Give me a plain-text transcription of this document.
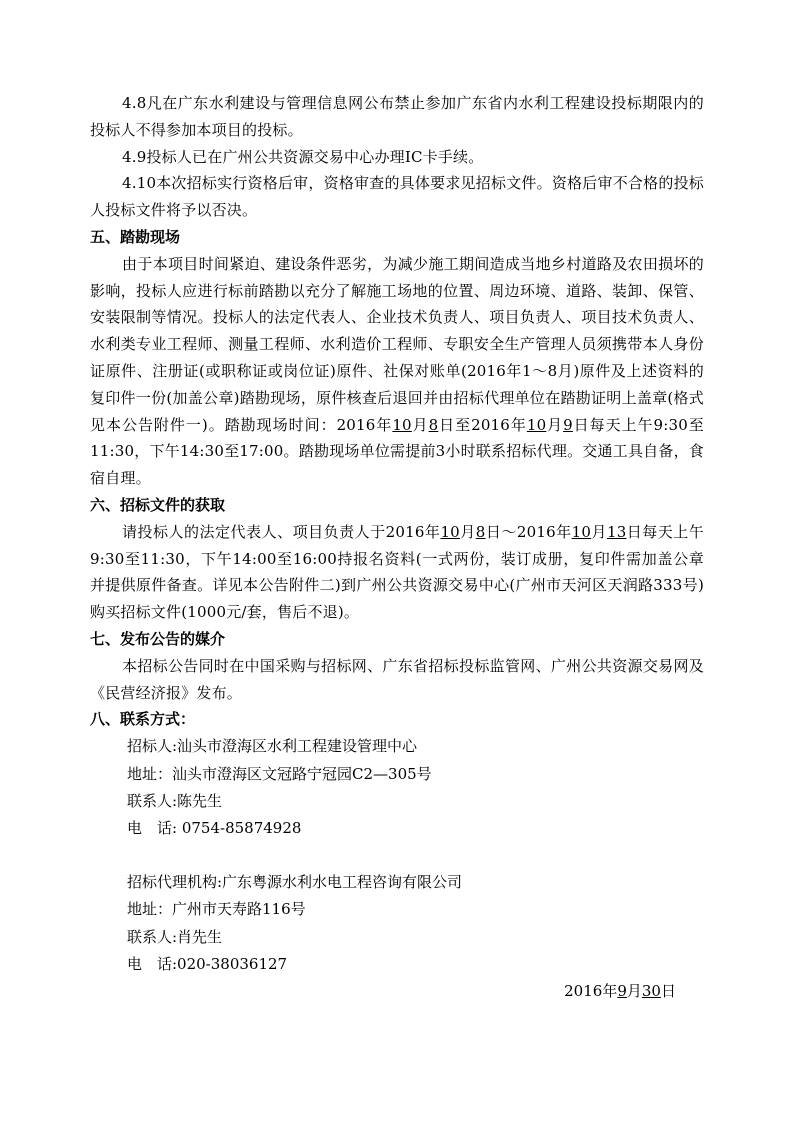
4.8凡在广东水利建设与管理信息网公布禁止参加广东省内水利工程建设投标期限内的投标人不得参加本项目的投标。

4.9投标人已在广州公共资源交易中心办理IC卡手续。

4.10本次招标实行资格后审，资格审查的具体要求见招标文件。资格后审不合格的投标人投标文件将予以否决。

五、踏勘现场

由于本项目时间紧迫、建设条件恶劣，为减少施工期间造成当地乡村道路及农田损坏的影响，投标人应进行标前踏勘以充分了解施工场地的位置、周边环境、道路、装卸、保管、安装限制等情况。投标人的法定代表人、企业技术负责人、项目负责人、项目技术负责人、水利类专业工程师、测量工程师、水利造价工程师、专职安全生产管理人员须携带本人身份证原件、注册证(或职称证或岗位证)原件、社保对账单(2016年1～8月)原件及上述资料的复印件一份(加盖公章)踏勘现场，原件核查后退回并由招标代理单位在踏勘证明上盖章(格式见本公告附件一)。踏勘现场时间：2016年10月8日至2016年10月9日每天上午9:30至11:30，下午14:30至17:00。踏勘现场单位需提前3小时联系招标代理。交通工具自备，食宿自理。

六、招标文件的获取

请投标人的法定代表人、项目负责人于2016年10月8日～2016年10月13日每天上午9:30至11:30，下午14:00至16:00持报名资料(一式两份，装订成册，复印件需加盖公章并提供原件备查。详见本公告附件二)到广州公共资源交易中心(广州市天河区天润路333号)购买招标文件(1000元/套，售后不退)。

七、发布公告的媒介

本招标公告同时在中国采购与招标网、广东省招标投标监管网、广州公共资源交易网及《民营经济报》发布。

八、联系方式：

招标人:汕头市澄海区水利工程建设管理中心

地址：汕头市澄海区文冠路宁冠园C2—305号

联系人:陈先生

电　话: 0754-85874928

招标代理机构:广东粤源水利水电工程咨询有限公司

地址：广州市天寿路116号

联系人:肖先生

电　话:020-38036127

2016年9月30日
